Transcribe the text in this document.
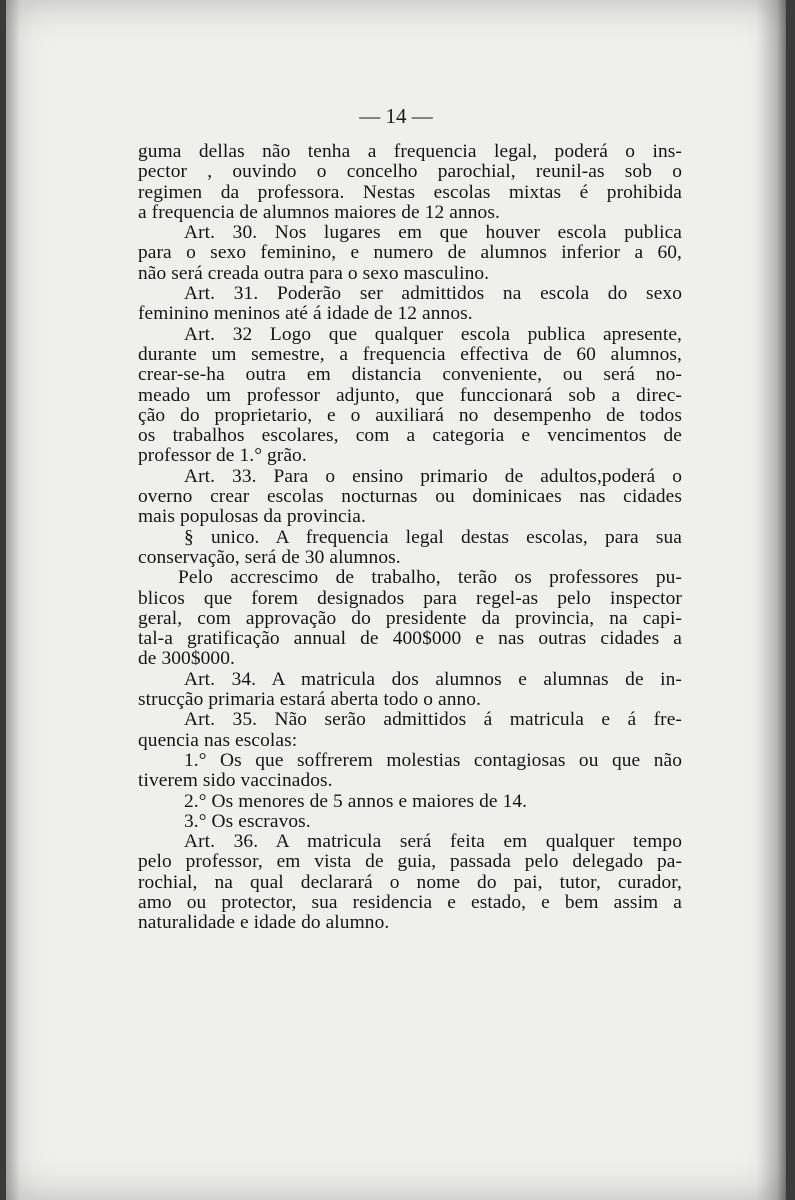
— 14 —
guma dellas não tenha a frequencia legal, poderá o ins-
pector , ouvindo o concelho parochial, reunil-as sob o
regimen da professora. Nestas escolas mixtas é prohibida
a frequencia de alumnos maiores de 12 annos.
Art. 30. Nos lugares em que houver escola publica
para o sexo feminino, e numero de alumnos inferior a 60,
não será creada outra para o sexo masculino.
Art. 31. Poderão ser admittidos na escola do sexo
feminino meninos até á idade de 12 annos.
Art. 32 Logo que qualquer escola publica apresente,
durante um semestre, a frequencia effectiva de 60 alumnos,
crear-se-ha outra em distancia conveniente, ou será no-
meado um professor adjunto, que funccionará sob a direc-
ção do proprietario, e o auxiliará no desempenho de todos
os trabalhos escolares, com a categoria e vencimentos de
professor de 1.° grão.
Art. 33. Para o ensino primario de adultos,poderá o
overno crear escolas nocturnas ou dominicaes nas cidades
mais populosas da provincia.
§ unico. A frequencia legal destas escolas, para sua
conservação, será de 30 alumnos.
Pelo accrescimo de trabalho, terão os professores pu-
blicos que forem designados para regel-as pelo inspector
geral, com approvação do presidente da provincia, na capi-
tal-a gratificação annual de 400$000 e nas outras cidades a
de 300$000.
Art. 34. A matricula dos alumnos e alumnas de in-
strucção primaria estará aberta todo o anno.
Art. 35. Não serão admittidos á matricula e á fre-
quencia nas escolas:
1.° Os que soffrerem molestias contagiosas ou que não
tiverem sido vaccinados.
2.° Os menores de 5 annos e maiores de 14.
3.° Os escravos.
Art. 36. A matricula será feita em qualquer tempo
pelo professor, em vista de guia, passada pelo delegado pa-
rochial, na qual declarará o nome do pai, tutor, curador,
amo ou protector, sua residencia e estado, e bem assim a
naturalidade e idade do alumno.
